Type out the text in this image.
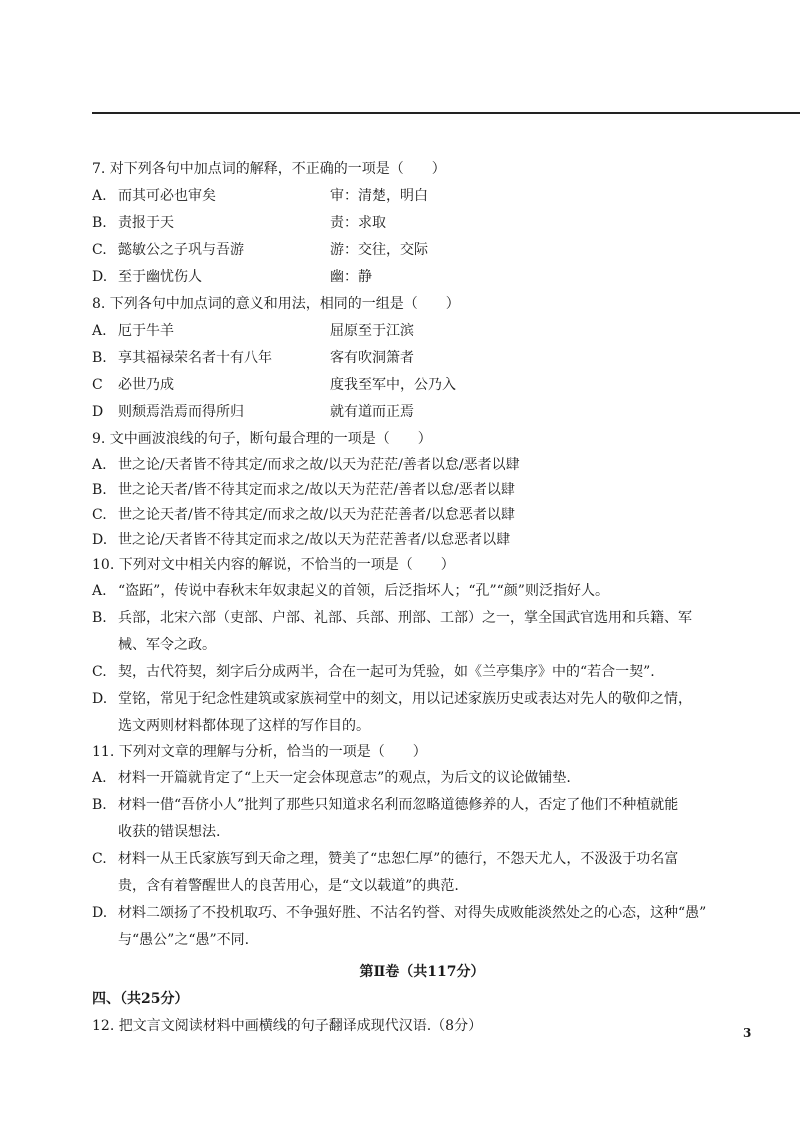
7. 对下列各句中加点词的解释，不正确的一项是（　　）
A. 而其可必也审矣	审：清楚，明白
B. 责报于天	责：求取
C. 懿敏公之子巩与吾游	游：交往，交际
D. 至于幽忧伤人	幽：静
8. 下列各句中加点词的意义和用法，相同的一组是（　　）
A. 厄于牛羊	屈原至于江滨
B. 享其福禄荣名者十有八年	客有吹洞箫者
C 必世乃成	度我至军中，公乃入
D 则颓焉浩焉而得所归	就有道而正焉
9. 文中画波浪线的句子，断句最合理的一项是（　　）
A. 世之论/天者皆不待其定/而求之故/以天为茫茫/善者以怠/恶者以肆
B. 世之论天者/皆不待其定而求之/故以天为茫茫/善者以怠/恶者以肆
C. 世之论天者/皆不待其定/而求之故/以天为茫茫善者/以怠恶者以肆
D. 世之论/天者皆不待其定而求之/故以天为茫茫善者/以怠恶者以肆
10. 下列对文中相关内容的解说，不恰当的一项是（　　）
A. “盗跖”，传说中春秋末年奴隶起义的首领，后泛指坏人；“孔”“颜”则泛指好人。
B. 兵部，北宋六部（吏部、户部、礼部、兵部、刑部、工部）之一，掌全国武官选用和兵籍、军
械、军令之政。
C. 契，古代符契，刻字后分成两半，合在一起可为凭验，如《兰亭集序》中的“若合一契”.
D. 堂铭，常见于纪念性建筑或家族祠堂中的刻文，用以记述家族历史或表达对先人的敬仰之情，
选文两则材料都体现了这样的写作目的。
11. 下列对文章的理解与分析，恰当的一项是（　　）
A. 材料一开篇就肯定了“上天一定会体现意志”的观点，为后文的议论做铺垫.
B. 材料一借“吾侪小人”批判了那些只知道求名利而忽略道德修养的人，否定了他们不种植就能
收获的错误想法.
C. 材料一从王氏家族写到天命之理，赞美了“忠恕仁厚”的德行，不怨天尤人，不汲汲于功名富
贵，含有着警醒世人的良苦用心，是“文以载道”的典范.
D. 材料二颂扬了不投机取巧、不争强好胜、不沽名钓誉、对得失成败能淡然处之的心态，这种“愚”
与“愚公”之“愚”不同.
第Ⅱ卷（共117分）
四、（共25分）
12. 把文言文阅读材料中画横线的句子翻译成现代汉语.（8分）	3
